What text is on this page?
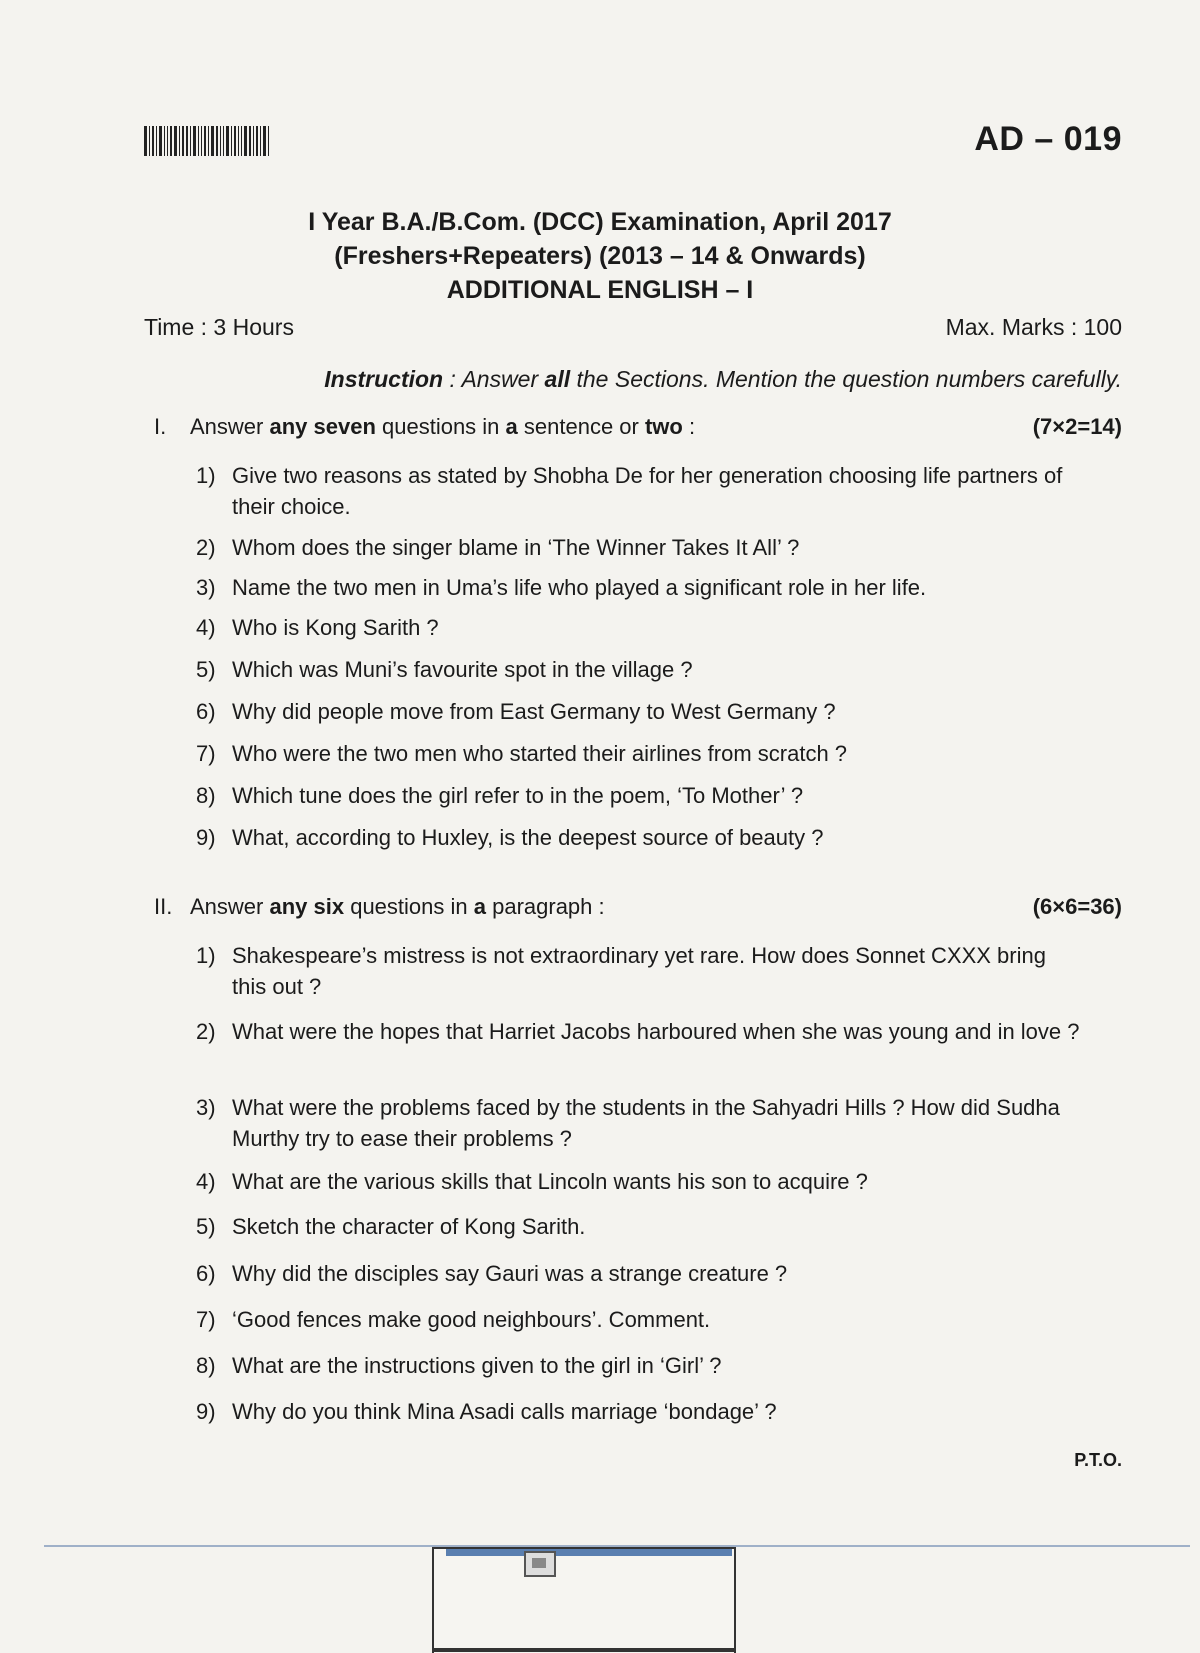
AD – 019
I Year B.A./B.Com. (DCC) Examination, April 2017
(Freshers+Repeaters) (2013 – 14 & Onwards)
ADDITIONAL ENGLISH – I
Time : 3 Hours	Max. Marks : 100
Instruction : Answer all the Sections. Mention the question numbers carefully.
I.	Answer any seven questions in a sentence or two :	(7×2=14)
1) Give two reasons as stated by Shobha De for her generation choosing life partners of their choice.
2) Whom does the singer blame in ‘The Winner Takes It All’ ?
3) Name the two men in Uma’s life who played a significant role in her life.
4) Who is Kong Sarith ?
5) Which was Muni’s favourite spot in the village ?
6) Why did people move from East Germany to West Germany ?
7) Who were the two men who started their airlines from scratch ?
8) Which tune does the girl refer to in the poem, ‘To Mother’ ?
9) What, according to Huxley, is the deepest source of beauty ?
II. Answer any six questions in a paragraph :	(6×6=36)
1) Shakespeare’s mistress is not extraordinary yet rare. How does Sonnet CXXX bring this out ?
2) What were the hopes that Harriet Jacobs harboured when she was young and in love ?
3) What were the problems faced by the students in the Sahyadri Hills ? How did Sudha Murthy try to ease their problems ?
4) What are the various skills that Lincoln wants his son to acquire ?
5) Sketch the character of Kong Sarith.
6) Why did the disciples say Gauri was a strange creature ?
7) ‘Good fences make good neighbours’. Comment.
8) What are the instructions given to the girl in ‘Girl’ ?
9) Why do you think Mina Asadi calls marriage ‘bondage’ ?
P.T.O.
